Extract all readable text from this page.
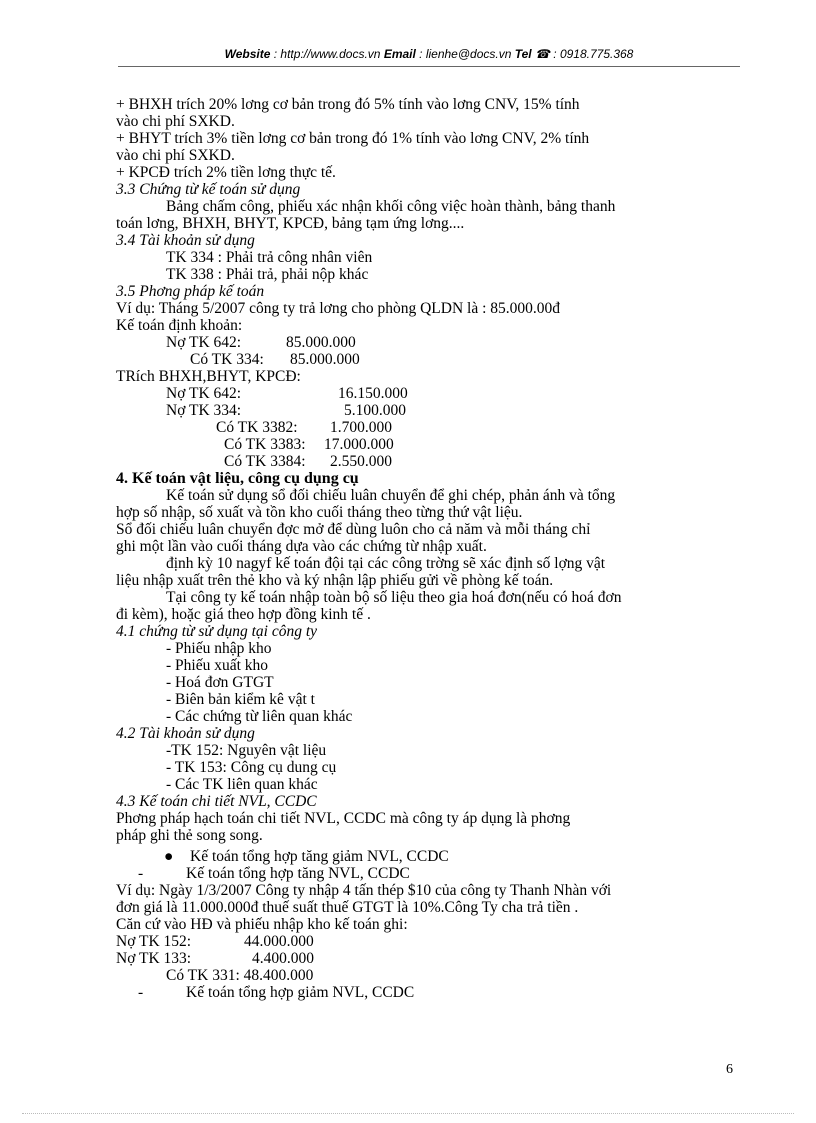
Website : http://www.docs.vn Email : lienhe@docs.vn Tel ☎ : 0918.775.368

+ BHXH trích 20% lơng cơ bản trong đó 5% tính vào lơng CNV, 15% tính

vào chi phí SXKD.

+ BHYT trích 3% tiền lơng cơ bản trong đó 1% tính vào lơng CNV, 2% tính

vào chi phí SXKD.

+ KPCĐ trích 2% tiền lơng thực tế.

3.3 Chứng từ kế toán sử dụng

Bảng chấm công, phiếu xác nhận khối công việc hoàn thành, bảng thanh

toán lơng, BHXH, BHYT, KPCĐ, bảng tạm ứng lơng....

3.4 Tài khoản sử dụng

TK 334 : Phải trả công nhân viên

TK 338 : Phải trả, phải nộp khác

3.5 Phơng pháp kế toán

Ví dụ: Tháng 5/2007 công ty trả lơng cho phòng QLDN là : 85.000.00đ

Kế toán định khoản:

Nợ TK 642:	85.000.000

Có TK 334: 85.000.000

TRích BHXH,BHYT, KPCĐ:

Nợ TK 642:	16.150.000

Nợ TK 334:	5.100.000

Có TK 3382: 1.700.000

Có TK 3383: 17.000.000

Có TK 3384: 2.550.000

4. Kế toán vật liệu, công cụ dụng cụ

Kế toán sử dụng sổ đối chiếu luân chuyển để ghi chép, phản ánh và tổng

hợp số nhập, số xuất và tồn kho cuối tháng theo từng thứ vật liệu.

Sổ đối chiếu luân chuyển đợc mở để dùng luôn cho cả năm và mỗi tháng chỉ

ghi một lần vào cuối tháng dựa vào các chứng từ nhập xuất.

định kỳ 10 nagyf kế toán đội tại các công trờng sẽ xác định số lợng vật

liệu nhập xuất trên thẻ kho và ký nhận lập phiếu gửi về phòng kế toán.

Tại công ty kế toán nhập toàn bộ số liệu theo gia hoá đơn(nếu có hoá đơn

đi kèm), hoặc giá theo hợp đồng kinh tế .

4.1 chứng từ sử dụng tại công ty

- Phiếu nhập kho

- Phiếu xuất kho

- Hoá đơn GTGT

- Biên bản kiểm kê vật t

- Các chứng từ liên quan khác

4.2 Tài khoản sử dụng

-TK 152: Nguyên vật liệu

- TK 153: Công cụ dung cụ

- Các TK liên quan khác

4.3 Kế toán chi tiết NVL, CCDC

Phơng pháp hạch toán chi tiết NVL, CCDC mà công ty áp dụng là phơng

pháp ghi thẻ song song.

●	Kế toán tổng hợp tăng giảm NVL, CCDC

-	Kế toán tổng hợp tăng NVL, CCDC

Ví dụ: Ngày 1/3/2007 Công ty nhập 4 tấn thép $10 của công ty Thanh Nhàn với

đơn giá là 11.000.000đ thuế suất thuế GTGT là 10%.Công Ty cha trả tiền .

Căn cứ vào HĐ và phiếu nhập kho kế toán ghi:

Nợ TK 152:	44.000.000

Nợ TK 133:	4.400.000

Có TK 331: 48.400.000

-	Kế toán tổng hợp giảm NVL, CCDC

6
